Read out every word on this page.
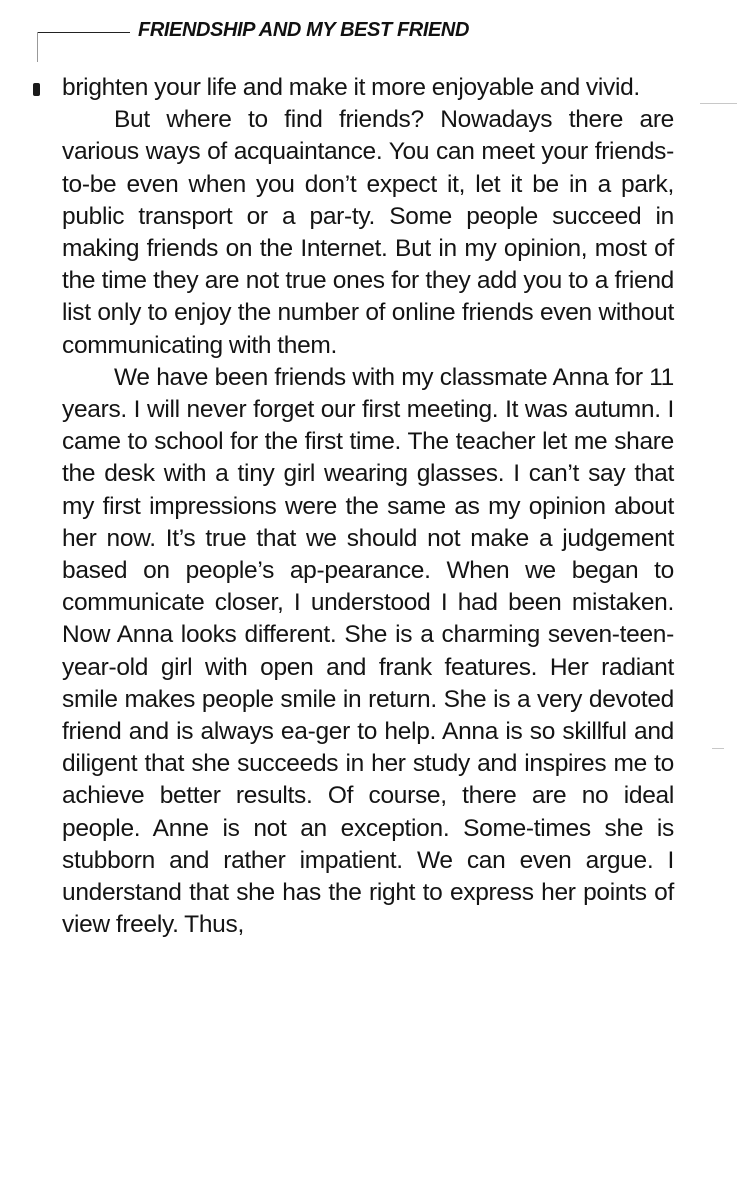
FRIENDSHIP AND MY BEST FRIEND

brighten your life and make it more enjoyable and vivid.

But where to find friends? Nowadays there are various ways of acquaintance. You can meet your friends-to-be even when you don’t expect it, let it be in a park, public transport or a par-ty. Some people succeed in making friends on the Internet. But in my opinion, most of the time they are not true ones for they add you to a friend list only to enjoy the number of online friends even without communicating with them.

We have been friends with my classmate Anna for 11 years. I will never forget our first meeting. It was autumn. I came to school for the first time. The teacher let me share the desk with a tiny girl wearing glasses. I can’t say that my first impressions were the same as my opinion about her now. It’s true that we should not make a judgement based on people’s ap-pearance. When we began to communicate closer, I understood I had been mistaken. Now Anna looks different. She is a charming seven-teen-year-old girl with open and frank features. Her radiant smile makes people smile in return. She is a very devoted friend and is always ea-ger to help. Anna is so skillful and diligent that she succeeds in her study and inspires me to achieve better results. Of course, there are no ideal people. Anne is not an exception. Some-times she is stubborn and rather impatient. We can even argue. I understand that she has the right to express her points of view freely. Thus,
